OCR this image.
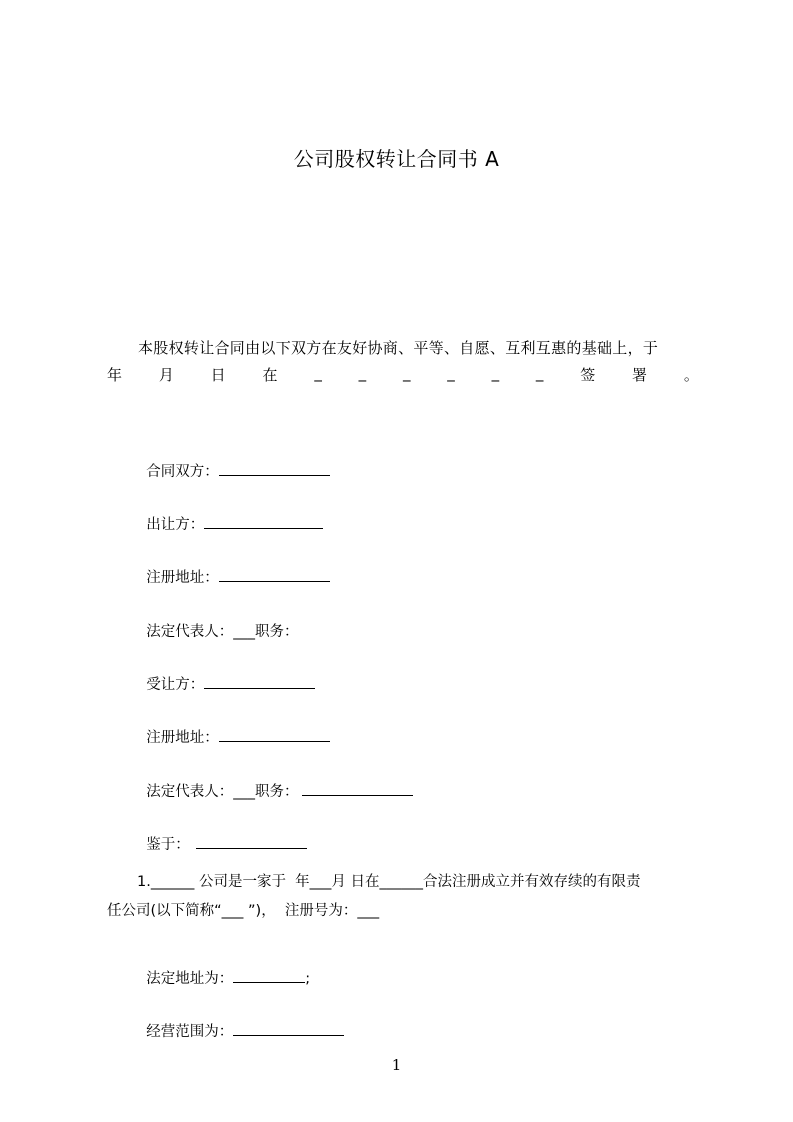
公司股权转让合同书 A
本股权转让合同由以下双方在友好协商、平等、自愿、互利互惠的基础上，于
年 月 日 在 _ _ _ _ _ _ 签 署 。

合同双方：

出让方：

注册地址：

法定代表人：___职务：

受让方：

注册地址：

法定代表人：___职务：

鉴于：

1.______ 公司是一家于  年___月 日在______合法注册成立并有效存续的有限责
任公司(以下简称“___ ”)，  注册号为：___

法定地址为：	;

经营范围为：

1
